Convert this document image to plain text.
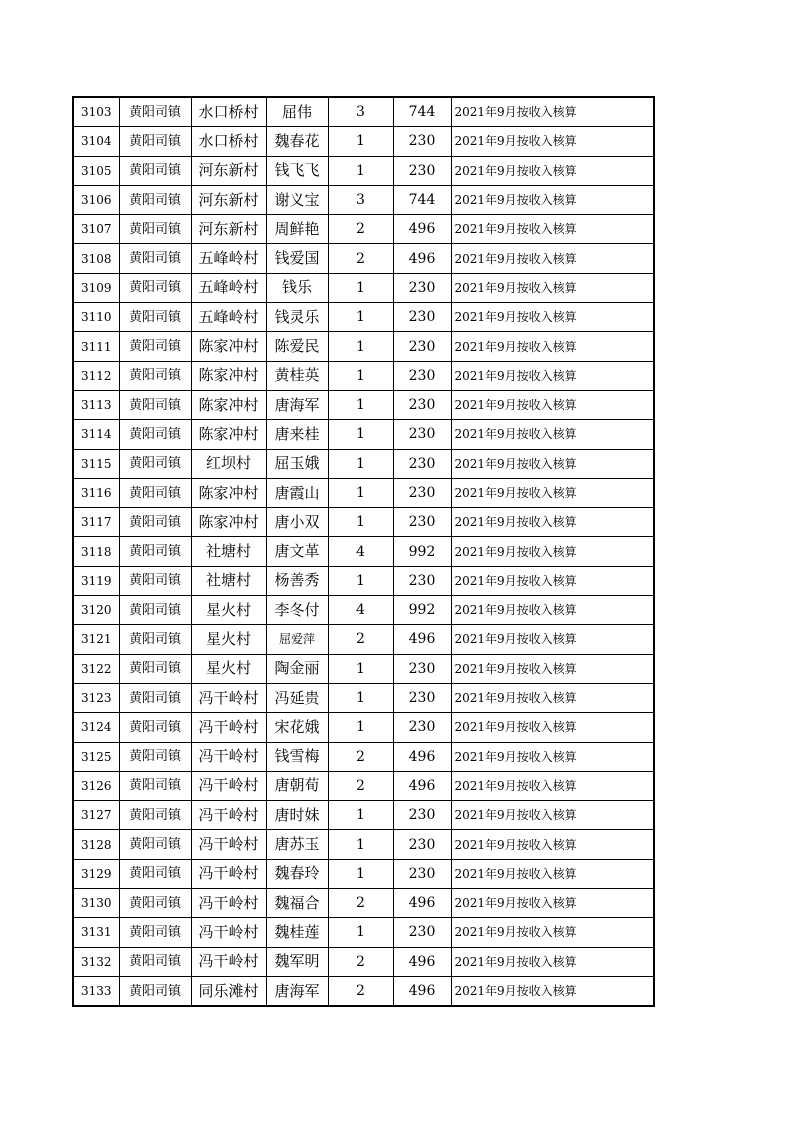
3103	黄阳司镇	水口桥村	屈伟	3	744	2021年9月按收入核算
3104	黄阳司镇	水口桥村	魏春花	1	230	2021年9月按收入核算
3105	黄阳司镇	河东新村	钱飞飞	1	230	2021年9月按收入核算
3106	黄阳司镇	河东新村	谢义宝	3	744	2021年9月按收入核算
3107	黄阳司镇	河东新村	周鲜艳	2	496	2021年9月按收入核算
3108	黄阳司镇	五峰岭村	钱爱国	2	496	2021年9月按收入核算
3109	黄阳司镇	五峰岭村	钱乐	1	230	2021年9月按收入核算
3110	黄阳司镇	五峰岭村	钱灵乐	1	230	2021年9月按收入核算
3111	黄阳司镇	陈家冲村	陈爱民	1	230	2021年9月按收入核算
3112	黄阳司镇	陈家冲村	黄桂英	1	230	2021年9月按收入核算
3113	黄阳司镇	陈家冲村	唐海军	1	230	2021年9月按收入核算
3114	黄阳司镇	陈家冲村	唐来桂	1	230	2021年9月按收入核算
3115	黄阳司镇	红坝村	屈玉娥	1	230	2021年9月按收入核算
3116	黄阳司镇	陈家冲村	唐霞山	1	230	2021年9月按收入核算
3117	黄阳司镇	陈家冲村	唐小双	1	230	2021年9月按收入核算
3118	黄阳司镇	社塘村	唐文革	4	992	2021年9月按收入核算
3119	黄阳司镇	社塘村	杨善秀	1	230	2021年9月按收入核算
3120	黄阳司镇	星火村	李冬付	4	992	2021年9月按收入核算
3121	黄阳司镇	星火村	屈爱萍	2	496	2021年9月按收入核算
3122	黄阳司镇	星火村	陶金丽	1	230	2021年9月按收入核算
3123	黄阳司镇	冯干岭村	冯延贵	1	230	2021年9月按收入核算
3124	黄阳司镇	冯干岭村	宋花娥	1	230	2021年9月按收入核算
3125	黄阳司镇	冯干岭村	钱雪梅	2	496	2021年9月按收入核算
3126	黄阳司镇	冯干岭村	唐朝荀	2	496	2021年9月按收入核算
3127	黄阳司镇	冯干岭村	唐时妹	1	230	2021年9月按收入核算
3128	黄阳司镇	冯干岭村	唐苏玉	1	230	2021年9月按收入核算
3129	黄阳司镇	冯干岭村	魏春玲	1	230	2021年9月按收入核算
3130	黄阳司镇	冯干岭村	魏福合	2	496	2021年9月按收入核算
3131	黄阳司镇	冯干岭村	魏桂莲	1	230	2021年9月按收入核算
3132	黄阳司镇	冯干岭村	魏军明	2	496	2021年9月按收入核算
3133	黄阳司镇	同乐滩村	唐海军	2	496	2021年9月按收入核算
